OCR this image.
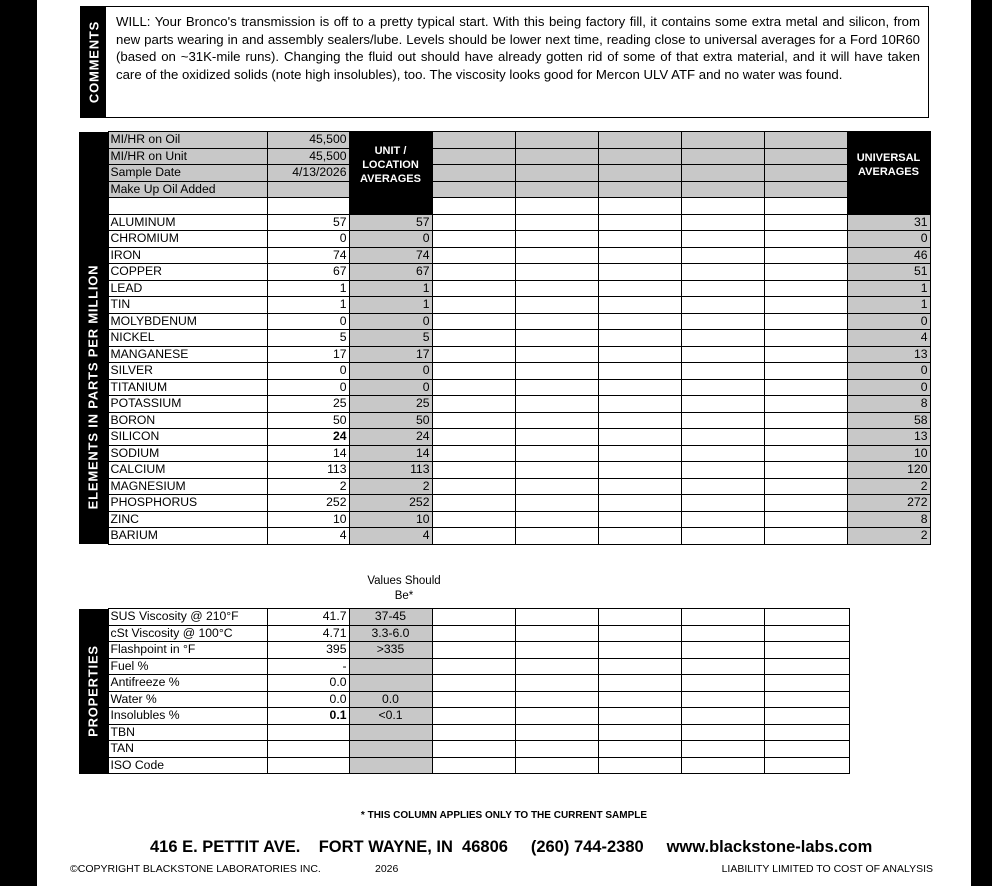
COMMENTS WILL: Your Bronco's transmission is off to a pretty typical start. With this being factory fill, it contains some extra metal and silicon, from new parts wearing in and assembly sealers/lube. Levels should be lower next time, reading close to universal averages for a Ford 10R60 (based on ~31K-mile runs). Changing the fluid out should have already gotten rid of some of that extra material, and it will have taken care of the oxidized solids (note high insolubles), too. The viscosity looks good for Mercon ULV ATF and no water was found.
ELEMENTS IN PARTS PER MILLION	MI/HR on Oil	45,500	UNIT / LOCATION AVERAGES						UNIVERSAL AVERAGES
	MI/HR on Unit	45,500							
	Sample Date	4/13/2026							
	Make Up Oil Added								

	ALUMINUM	57	57						31
	CHROMIUM	0	0						0
	IRON	74	74						46
	COPPER	67	67						51
	LEAD	1	1						1
	TIN	1	1						1
	MOLYBDENUM	0	0						0
	NICKEL	5	5						4
	MANGANESE	17	17						13
	SILVER	0	0						0
	TITANIUM	0	0						0
	POTASSIUM	25	25						8
	BORON	50	50						58
	SILICON	24	24						13
	SODIUM	14	14						10
	CALCIUM	113	113						120
	MAGNESIUM	2	2						2
	PHOSPHORUS	252	252						272
	ZINC	10	10						8
	BARIUM	4	4						2
Values Should Be*
PROPERTIES	SUS Viscosity @ 210°F	41.7	37-45					
	cSt Viscosity @ 100°C	4.71	3.3-6.0					
	Flashpoint in °F	395	>335					
	Fuel %	-						
	Antifreeze %	0.0						
	Water %	0.0	0.0					
	Insolubles %	0.1	<0.1					
	TBN							
	TAN							
	ISO Code							
* THIS COLUMN APPLIES ONLY TO THE CURRENT SAMPLE
416 E. PETTIT AVE.    FORT WAYNE, IN  46806     (260) 744-2380     www.blackstone-labs.com
©COPYRIGHT BLACKSTONE LABORATORIES INC.	2026	LIABILITY LIMITED TO COST OF ANALYSIS
